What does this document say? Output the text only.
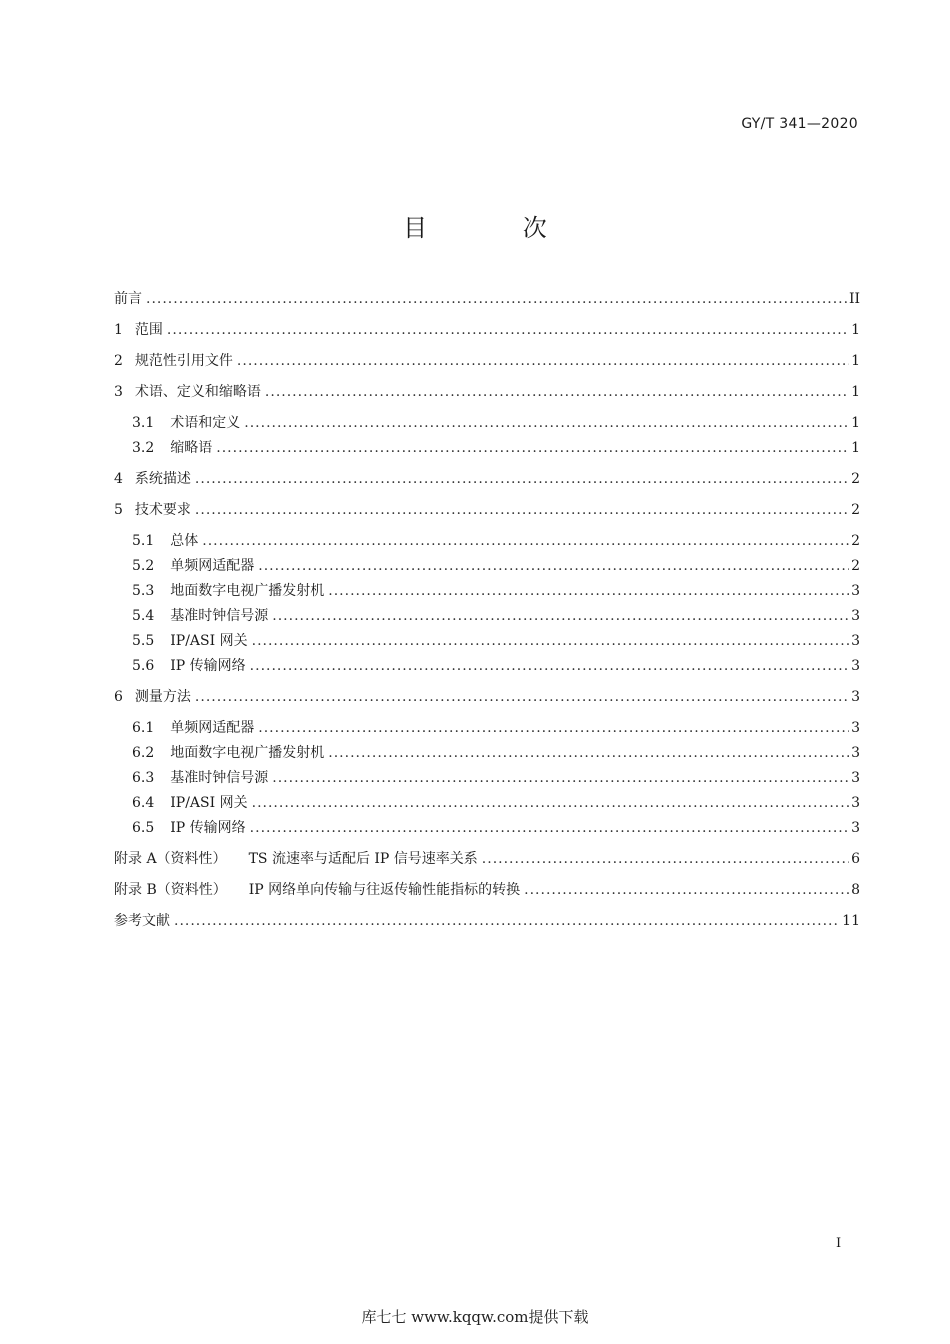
GY/T 341—2020
目 次
前言 .....	II
1 范围 .....	1
2 规范性引用文件 .....	1
3 术语、定义和缩略语 .....	1
3.1 术语和定义 .....	1
3.2 缩略语 .....	1
4 系统描述 .....	2
5 技术要求 .....	2
5.1 总体 .....	2
5.2 单频网适配器 .....	2
5.3 地面数字电视广播发射机 .....	3
5.4 基准时钟信号源 .....	3
5.5 IP/ASI 网关 .....	3
5.6 IP 传输网络 .....	3
6 测量方法 .....	3
6.1 单频网适配器 .....	3
6.2 地面数字电视广播发射机 .....	3
6.3 基准时钟信号源 .....	3
6.4 IP/ASI 网关 .....	3
6.5 IP 传输网络 .....	3
附录 A（资料性） TS 流速率与适配后 IP 信号速率关系 .....	6
附录 B（资料性） IP 网络单向传输与往返传输性能指标的转换 .....	8
参考文献 .....	11
I
库七七 www.kqqw.com提供下载
